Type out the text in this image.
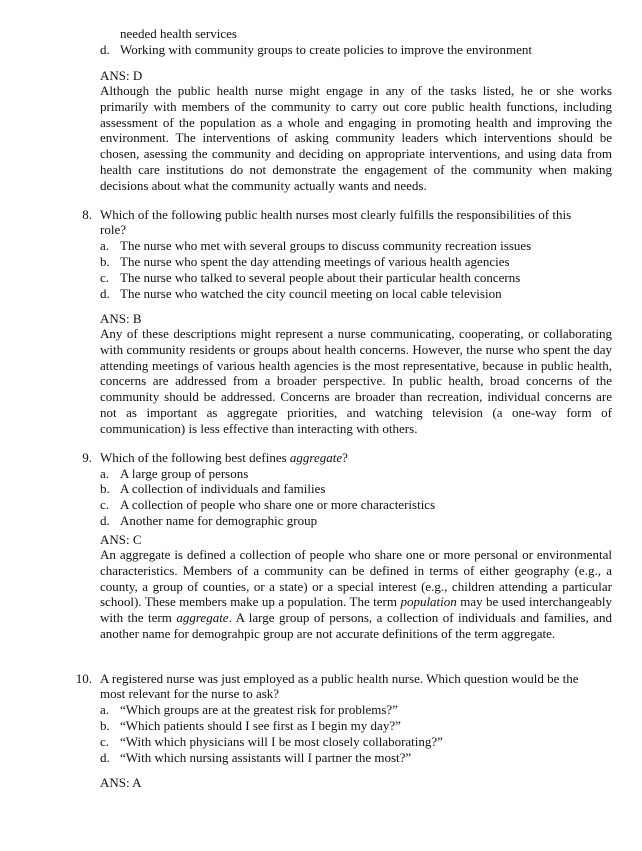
needed health services
d. Working with community groups to create policies to improve the environment
ANS: D

Although the public health nurse might engage in any of the tasks listed, he or she works primarily with members of the community to carry out core public health functions, including assessment of the population as a whole and engaging in promoting health and improving the environment. The interventions of asking community leaders which interventions should be chosen, asessing the community and deciding on appropriate interventions, and using data from health care institutions do not demonstrate the engagement of the community when making decisions about what the community actually wants and needs.

8. Which of the following public health nurses most clearly fulfills the responsibilities of this
role?
a. The nurse who met with several groups to discuss community recreation issues
b. The nurse who spent the day attending meetings of various health agencies
c. The nurse who talked to several people about their particular health concerns
d. The nurse who watched the city council meeting on local cable television
ANS: B

Any of these descriptions might represent a nurse communicating, cooperating, or collaborating with community residents or groups about health concerns. However, the nurse who spent the day attending meetings of various health agencies is the most representative, because in public health, concerns are addressed from a broader perspective. In public health, broad concerns of the community should be addressed. Concerns are broader than recreation, individual concerns are not as important as aggregate priorities, and watching television (a one-way form of communication) is less effective than interacting with others.

9. Which of the following best defines aggregate?
a. A large group of persons
b. A collection of individuals and families
c. A collection of people who share one or more characteristics
d. Another name for demographic group
ANS: C

An aggregate is defined a collection of people who share one or more personal or environmental characteristics. Members of a community can be defined in terms of either geography (e.g., a county, a group of counties, or a state) or a special interest (e.g., children attending a particular school). These members make up a population. The term population may be used interchangeably with the term aggregate. A large group of persons, a collection of individuals and families, and another name for demograhpic group are not accurate definitions of the term aggregate.

10. A registered nurse was just employed as a public health nurse. Which question would be the
most relevant for the nurse to ask?
a. “Which groups are at the greatest risk for problems?”
b. “Which patients should I see first as I begin my day?”
c. “With which physicians will I be most closely collaborating?”
d. “With which nursing assistants will I partner the most?”
ANS: A
